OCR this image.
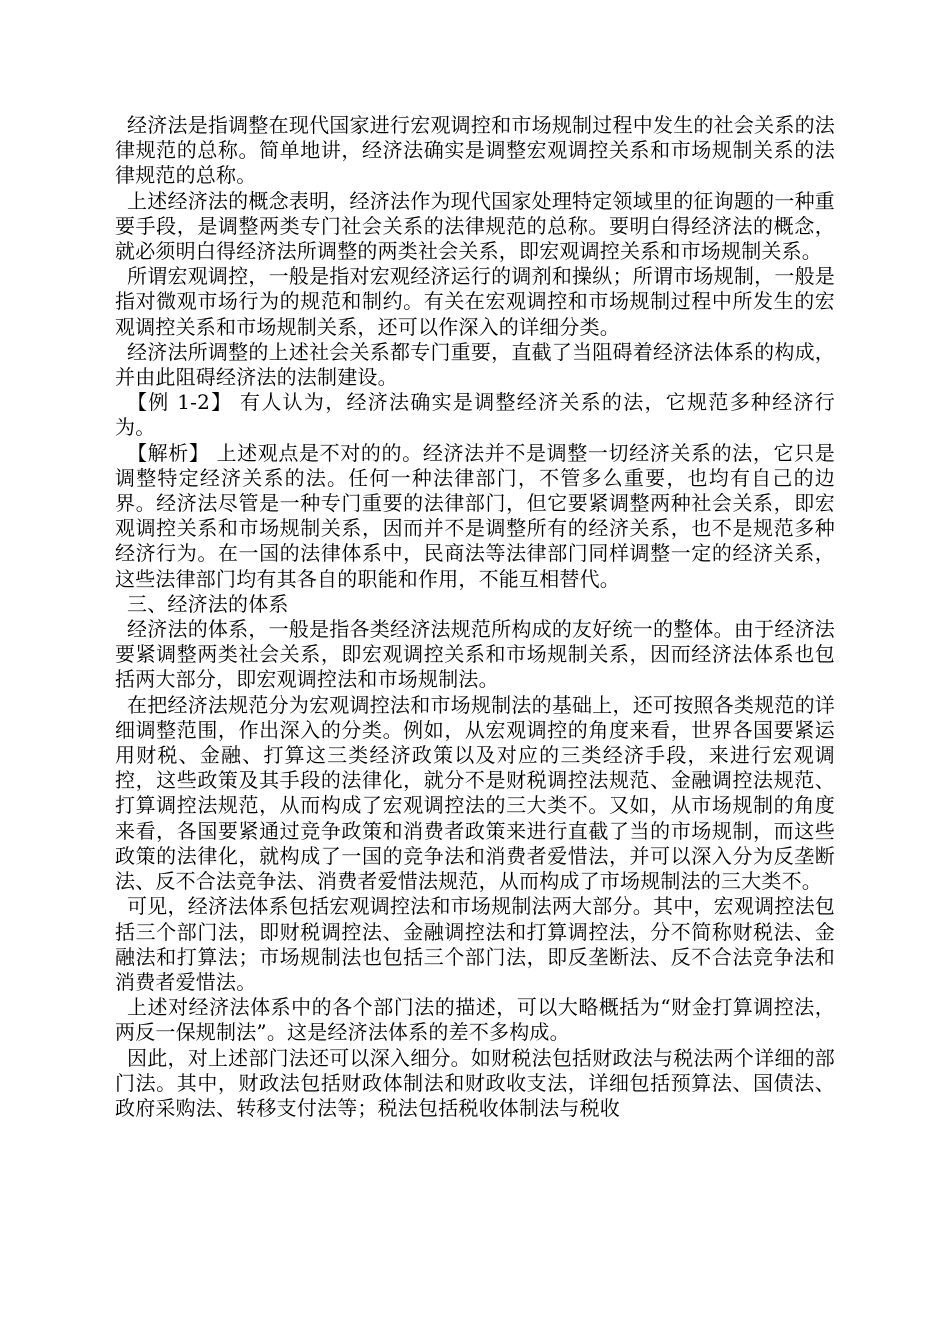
经济法是指调整在现代国家进行宏观调控和市场规制过程中发生的社会关系的法律规范的总称。简单地讲，经济法确实是调整宏观调控关系和市场规制关系的法律规范的总称。

上述经济法的概念表明，经济法作为现代国家处理特定领域里的征询题的一种重要手段，是调整两类专门社会关系的法律规范的总称。要明白得经济法的概念，就必须明白得经济法所调整的两类社会关系，即宏观调控关系和市场规制关系。

所谓宏观调控，一般是指对宏观经济运行的调剂和操纵；所谓市场规制，一般是指对微观市场行为的规范和制约。有关在宏观调控和市场规制过程中所发生的宏观调控关系和市场规制关系，还可以作深入的详细分类。

经济法所调整的上述社会关系都专门重要，直截了当阻碍着经济法体系的构成，并由此阻碍经济法的法制建设。

【例 1-2】 有人认为，经济法确实是调整经济关系的法，它规范多种经济行为。

【解析】 上述观点是不对的的。经济法并不是调整一切经济关系的法，它只是调整特定经济关系的法。任何一种法律部门，不管多么重要，也均有自己的边界。经济法尽管是一种专门重要的法律部门，但它要紧调整两种社会关系，即宏观调控关系和市场规制关系，因而并不是调整所有的经济关系，也不是规范多种经济行为。在一国的法律体系中，民商法等法律部门同样调整一定的经济关系，这些法律部门均有其各自的职能和作用，不能互相替代。

三、经济法的体系

经济法的体系，一般是指各类经济法规范所构成的友好统一的整体。由于经济法要紧调整两类社会关系，即宏观调控关系和市场规制关系，因而经济法体系也包括两大部分，即宏观调控法和市场规制法。

在把经济法规范分为宏观调控法和市场规制法的基础上，还可按照各类规范的详细调整范围，作出深入的分类。例如，从宏观调控的角度来看，世界各国要紧运用财税、金融、打算这三类经济政策以及对应的三类经济手段，来进行宏观调控，这些政策及其手段的法律化，就分不是财税调控法规范、金融调控法规范、打算调控法规范，从而构成了宏观调控法的三大类不。又如，从市场规制的角度来看，各国要紧通过竞争政策和消费者政策来进行直截了当的市场规制，而这些政策的法律化，就构成了一国的竞争法和消费者爱惜法，并可以深入分为反垄断法、反不合法竞争法、消费者爱惜法规范，从而构成了市场规制法的三大类不。

可见，经济法体系包括宏观调控法和市场规制法两大部分。其中，宏观调控法包括三个部门法，即财税调控法、金融调控法和打算调控法，分不简称财税法、金融法和打算法；市场规制法也包括三个部门法，即反垄断法、反不合法竞争法和消费者爱惜法。

上述对经济法体系中的各个部门法的描述，可以大略概括为“财金打算调控法，两反一保规制法”。这是经济法体系的差不多构成。

因此，对上述部门法还可以深入细分。如财税法包括财政法与税法两个详细的部门法。其中，财政法包括财政体制法和财政收支法，详细包括预算法、国债法、政府采购法、转移支付法等；税法包括税收体制法与税收
